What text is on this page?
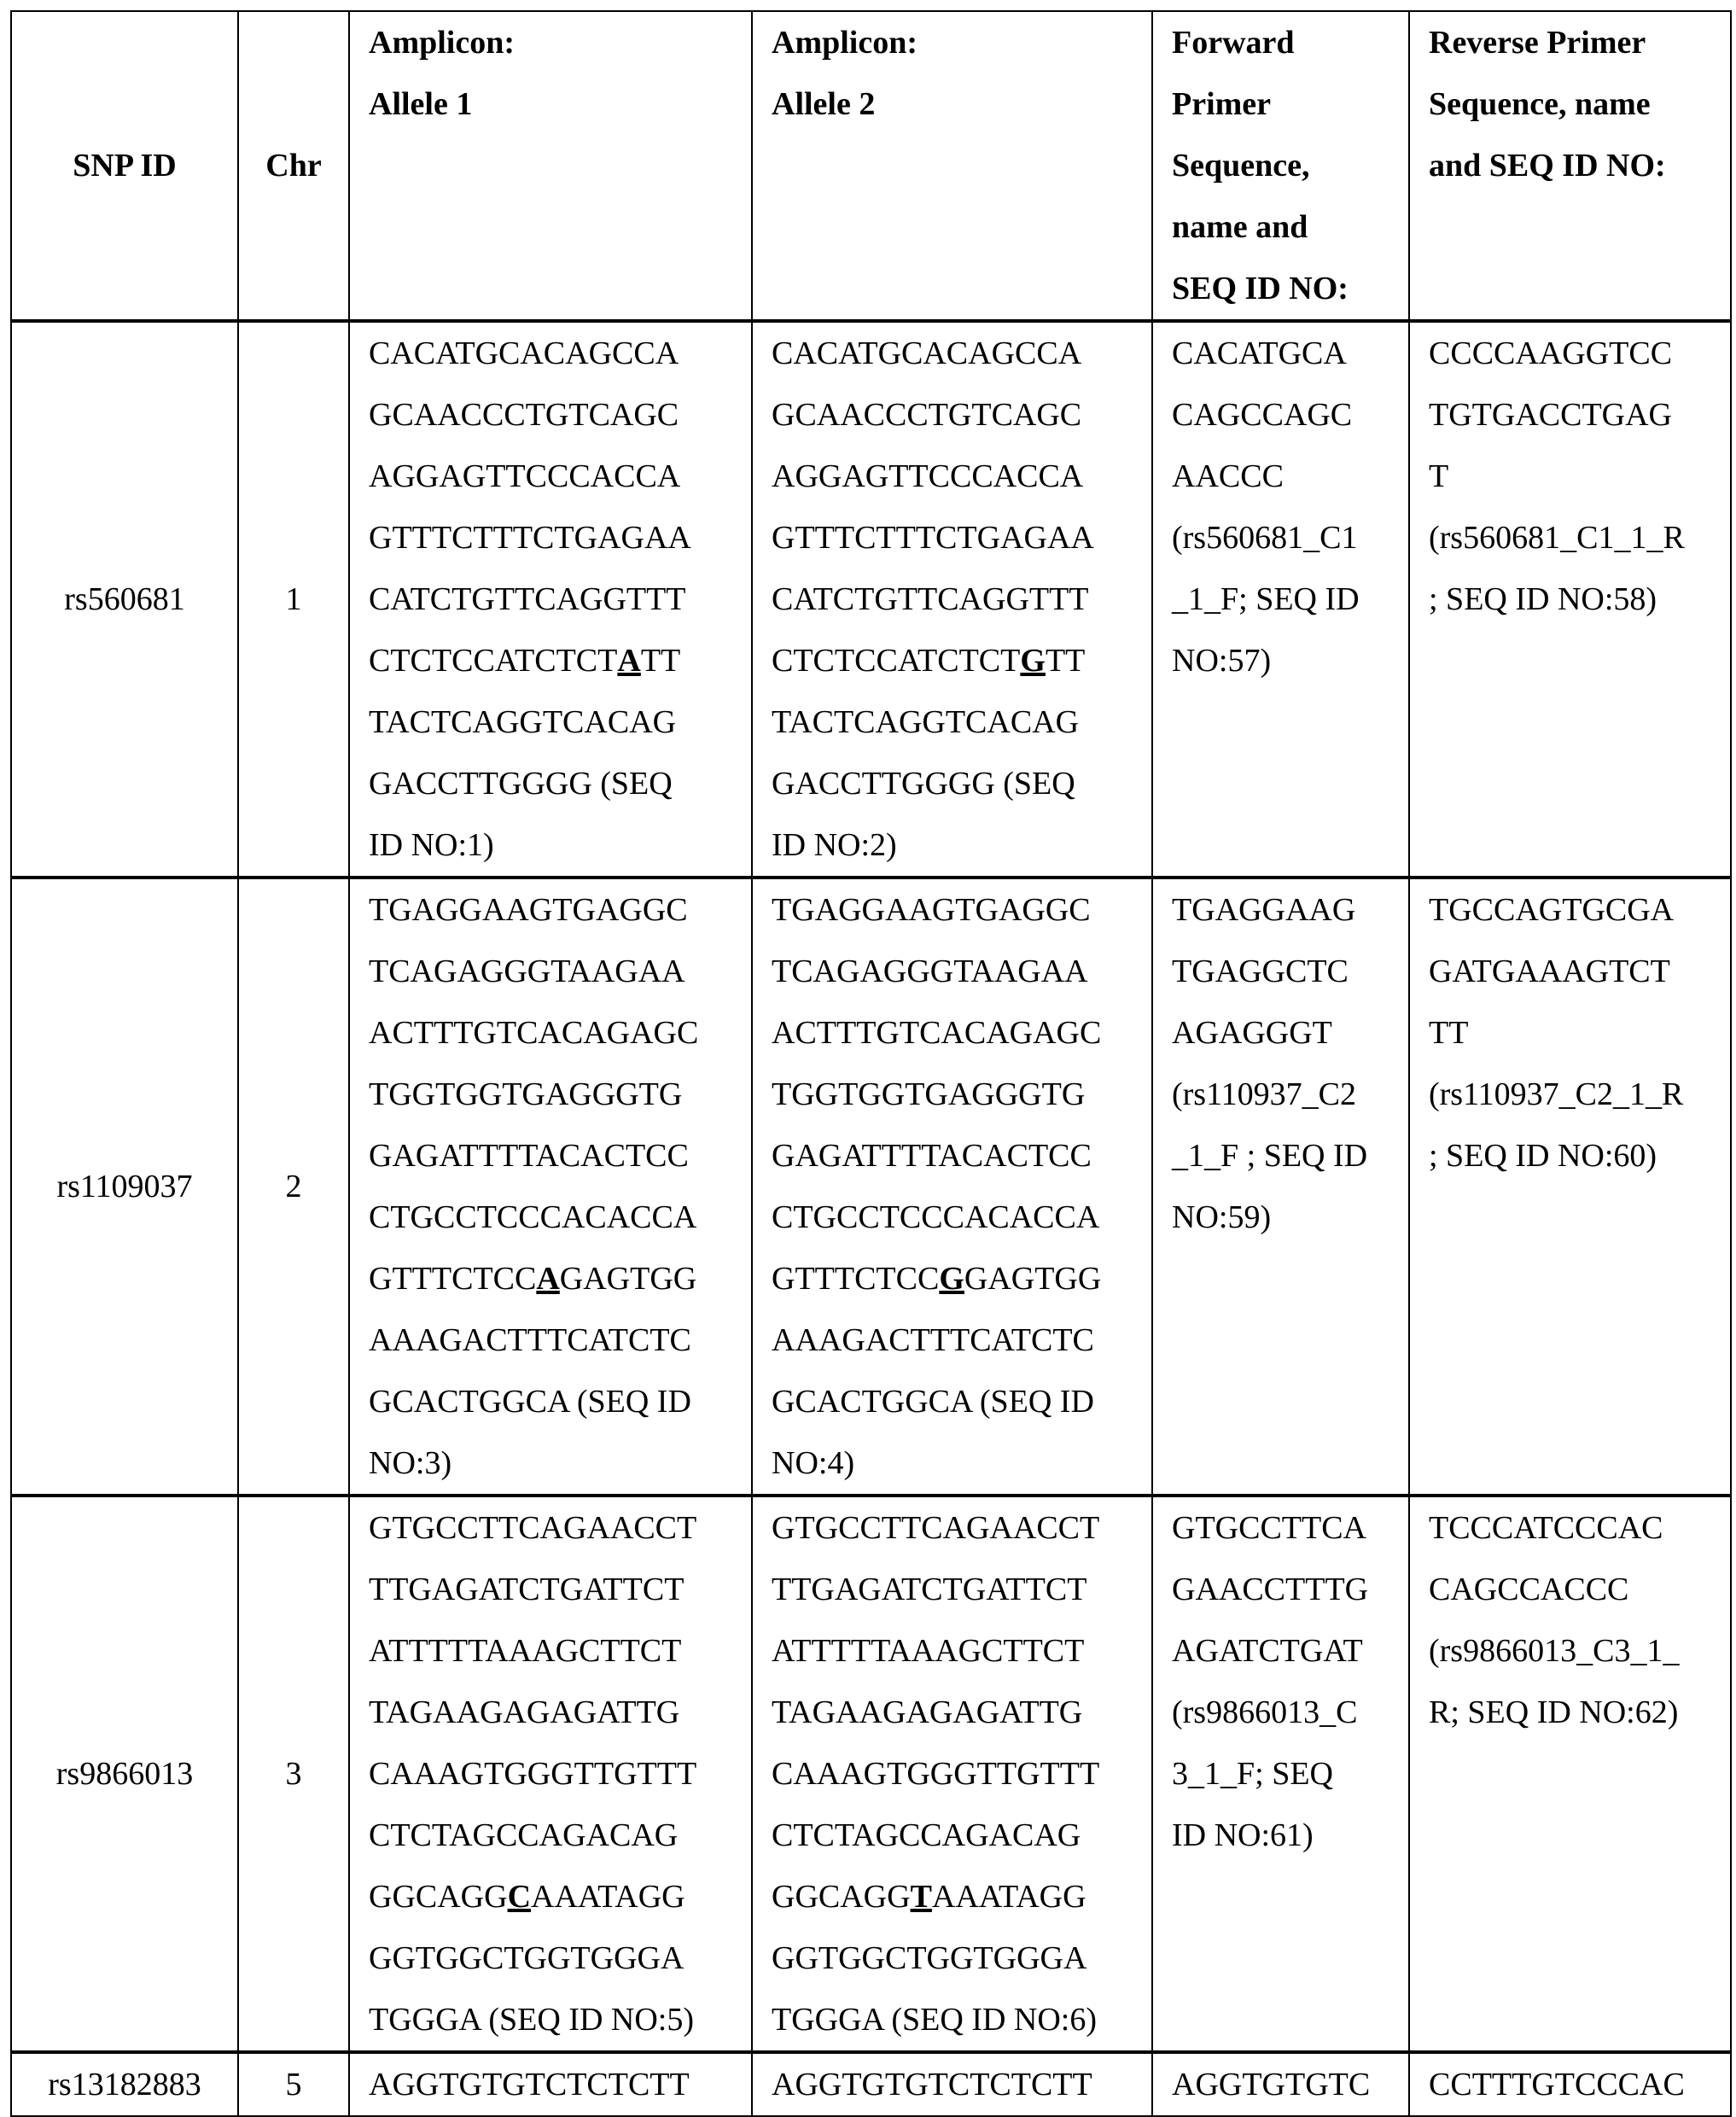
SNP ID	Chr	
Amplicon:
Allele 1

Amplicon:
Allele 2

Forward
Primer
Sequence,
name and
SEQ ID NO:

Reverse Primer
Sequence, name
and SEQ ID NO:

rs560681	1	
CACATGCACAGCCA
GCAACCCTGTCAGC
AGGAGTTCCCACCA
GTTTCTTTCTGAGAA
CATCTGTTCAGGTTT
CTCTCCATCTCTATT
TACTCAGGTCACAG
GACCTTGGGG (SEQ
ID NO:1)

CACATGCACAGCCA
GCAACCCTGTCAGC
AGGAGTTCCCACCA
GTTTCTTTCTGAGAA
CATCTGTTCAGGTTT
CTCTCCATCTCTGTT
TACTCAGGTCACAG
GACCTTGGGG (SEQ
ID NO:2)

CACATGCA
CAGCCAGC
AACCC
(rs560681_C1
_1_F; SEQ ID
NO:57)

CCCCAAGGTCC
TGTGACCTGAG
T
(rs560681_C1_1_R
; SEQ ID NO:58)

rs1109037	2	
TGAGGAAGTGAGGC
TCAGAGGGTAAGAA
ACTTTGTCACAGAGC
TGGTGGTGAGGGTG
GAGATTTTACACTCC
CTGCCTCCCACACCA
GTTTCTCCAGAGTGG
AAAGACTTTCATCTC
GCACTGGCA (SEQ ID
NO:3)

TGAGGAAGTGAGGC
TCAGAGGGTAAGAA
ACTTTGTCACAGAGC
TGGTGGTGAGGGTG
GAGATTTTACACTCC
CTGCCTCCCACACCA
GTTTCTCCGGAGTGG
AAAGACTTTCATCTC
GCACTGGCA (SEQ ID
NO:4)

TGAGGAAG
TGAGGCTC
AGAGGGT
(rs110937_C2
_1_F ; SEQ ID
NO:59)

TGCCAGTGCGA
GATGAAAGTCT
TT
(rs110937_C2_1_R
; SEQ ID NO:60)

rs9866013	3	
GTGCCTTCAGAACCT
TTGAGATCTGATTCT
ATTTTTAAAGCTTCT
TAGAAGAGAGATTG
CAAAGTGGGTTGTTT
CTCTAGCCAGACAG
GGCAGGCAAATAGG
GGTGGCTGGTGGGA
TGGGA (SEQ ID NO:5)

GTGCCTTCAGAACCT
TTGAGATCTGATTCT
ATTTTTAAAGCTTCT
TAGAAGAGAGATTG
CAAAGTGGGTTGTTT
CTCTAGCCAGACAG
GGCAGGTAAATAGG
GGTGGCTGGTGGGA
TGGGA (SEQ ID NO:6)

GTGCCTTCA
GAACCTTTG
AGATCTGAT
(rs9866013_C
3_1_F; SEQ
ID NO:61)

TCCCATCCCAC
CAGCCACCC
(rs9866013_C3_1_
R; SEQ ID NO:62)

rs13182883	5	AGGTGTGTCTCTCTT	AGGTGTGTCTCTCTT	AGGTGTGTC	CCTTTGTCCCAC
